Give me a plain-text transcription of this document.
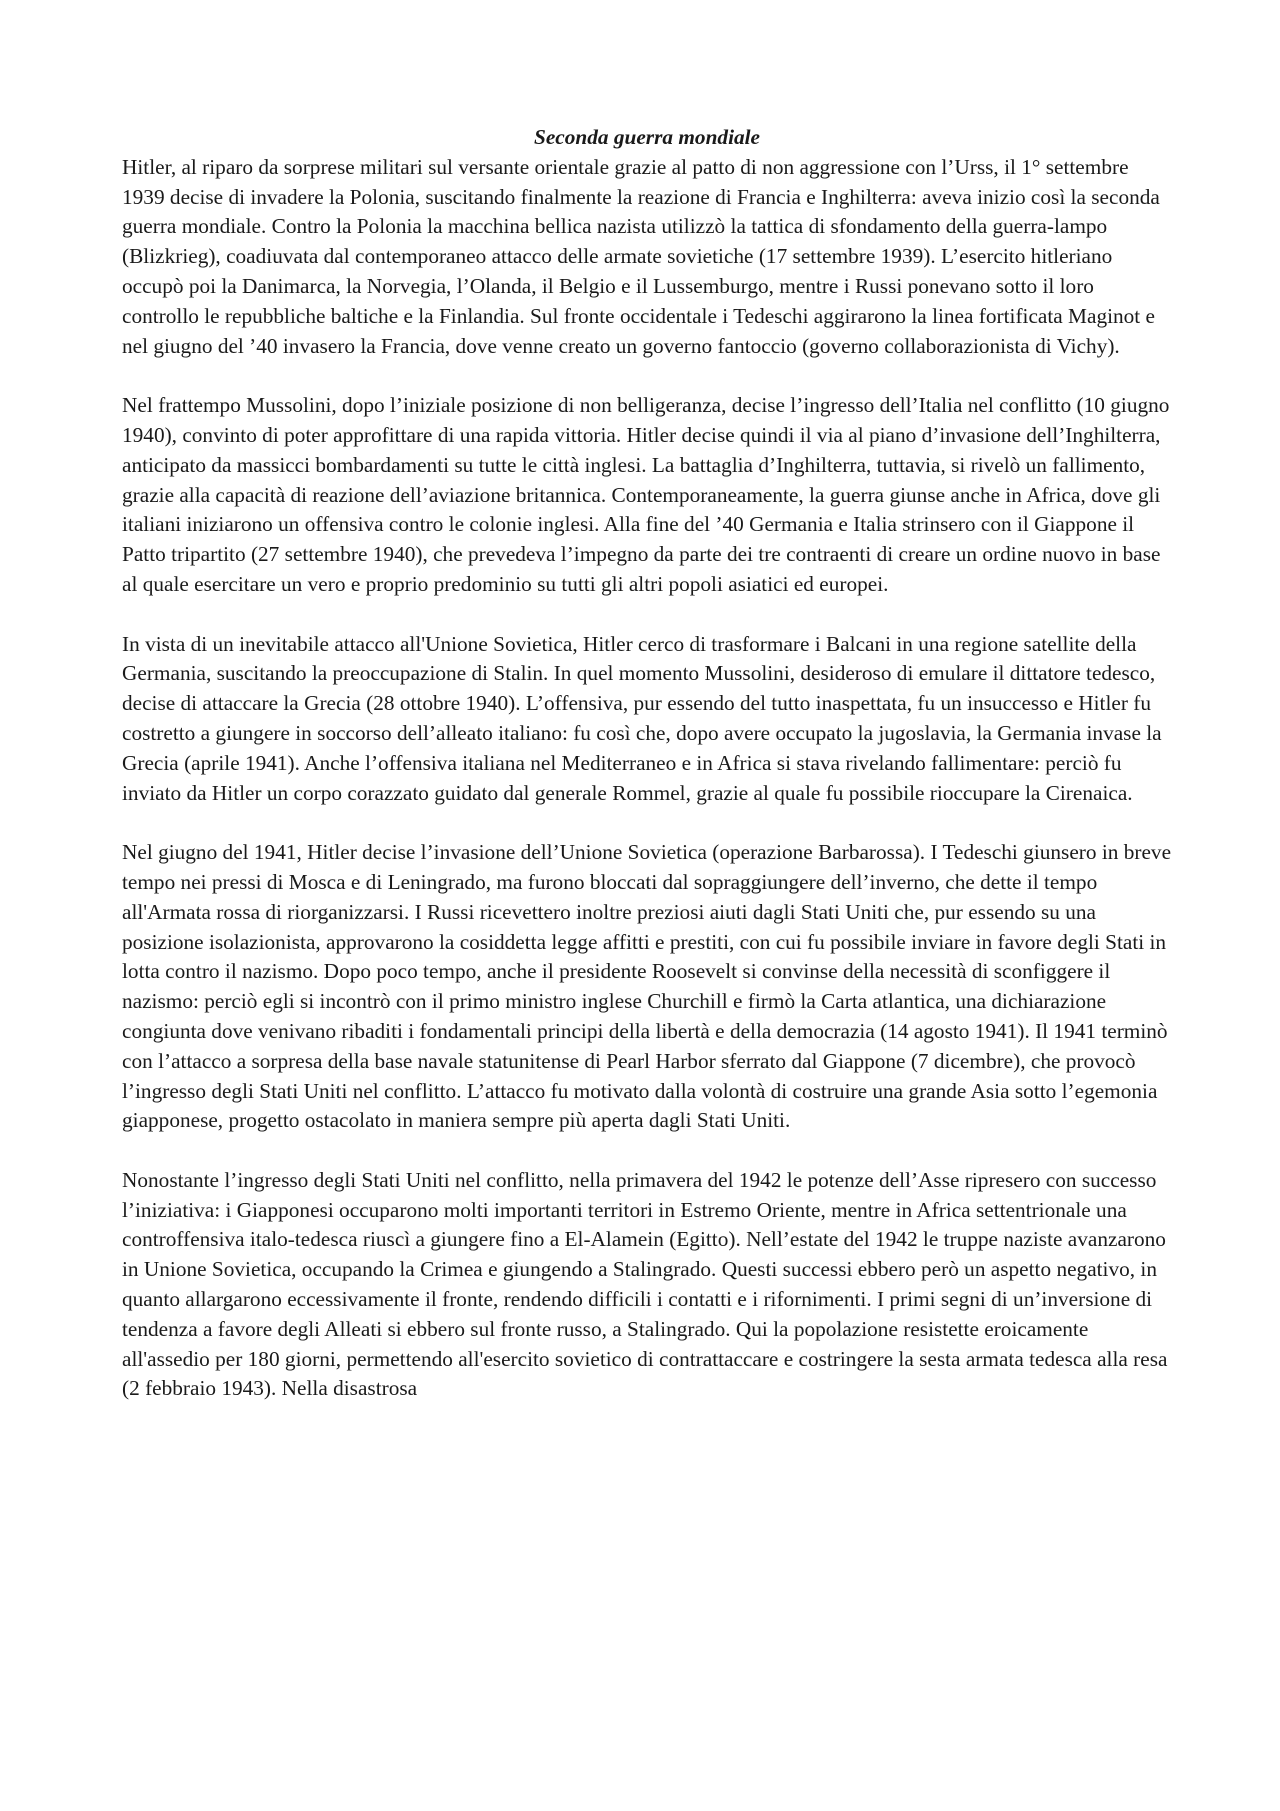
Seconda guerra mondiale

Hitler, al riparo da sorprese militari sul versante orientale grazie al patto di non aggressione con l’Urss, il 1° settembre 1939 decise di invadere la Polonia, suscitando finalmente la reazione di Francia e Inghilterra: aveva inizio così la seconda guerra mondiale. Contro la Polonia la macchina bellica nazista utilizzò la tattica di sfondamento della guerra-lampo (Blizkrieg), coadiuvata dal contemporaneo attacco delle armate sovietiche (17 settembre 1939). L’esercito hitleriano occupò poi la Danimarca, la Norvegia, l’Olanda, il Belgio e il Lussemburgo, mentre i Russi ponevano sotto il loro controllo le repubbliche baltiche e la Finlandia. Sul fronte occidentale i Tedeschi aggirarono la linea fortificata Maginot e nel giugno del ’40 invasero la Francia, dove venne creato un governo fantoccio (governo collaborazionista di Vichy).

Nel frattempo Mussolini, dopo l’iniziale posizione di non belligeranza, decise l’ingresso dell’Italia nel conflitto (10 giugno 1940), convinto di poter approfittare di una rapida vittoria. Hitler decise quindi il via al piano d’invasione dell’Inghilterra, anticipato da massicci bombardamenti su tutte le città inglesi. La battaglia d’Inghilterra, tuttavia, si rivelò un fallimento, grazie alla capacità di reazione dell’aviazione britannica. Contemporaneamente, la guerra giunse anche in Africa, dove gli italiani iniziarono un offensiva contro le colonie inglesi. Alla fine del ’40 Germania e Italia strinsero con il Giappone il Patto tripartito (27 settembre 1940), che prevedeva l’impegno da parte dei tre contraenti di creare un ordine nuovo in base al quale esercitare un vero e proprio predominio su tutti gli altri popoli asiatici ed europei.

In vista di un inevitabile attacco all'Unione Sovietica, Hitler cerco di trasformare i Balcani in una regione satellite della Germania, suscitando la preoccupazione di Stalin. In quel momento Mussolini, desideroso di emulare il dittatore tedesco, decise di attaccare la Grecia (28 ottobre 1940). L’offensiva, pur essendo del tutto inaspettata, fu un insuccesso e Hitler fu costretto a giungere in soccorso dell’alleato italiano: fu così che, dopo avere occupato la jugoslavia, la Germania invase la Grecia (aprile 1941). Anche l’offensiva italiana nel Mediterraneo e in Africa si stava rivelando fallimentare: perciò fu inviato da Hitler un corpo corazzato guidato dal generale Rommel, grazie al quale fu possibile rioccupare la Cirenaica.

Nel giugno del 1941, Hitler decise l’invasione dell’Unione Sovietica (operazione Barbarossa). I Tedeschi giunsero in breve tempo nei pressi di Mosca e di Leningrado, ma furono bloccati dal sopraggiungere dell’inverno, che dette il tempo all'Armata rossa di riorganizzarsi. I Russi ricevettero inoltre preziosi aiuti dagli Stati Uniti che, pur essendo su una posizione isolazionista, approvarono la cosiddetta legge affitti e prestiti, con cui fu possibile inviare in favore degli Stati in lotta contro il nazismo. Dopo poco tempo, anche il presidente Roosevelt si convinse della necessità di sconfiggere il nazismo: perciò egli si incontrò con il primo ministro inglese Churchill e firmò la Carta atlantica, una dichiarazione congiunta dove venivano ribaditi i fondamentali principi della libertà e della democrazia (14 agosto 1941). Il 1941 terminò con l’attacco a sorpresa della base navale statunitense di Pearl Harbor sferrato dal Giappone (7 dicembre), che provocò l’ingresso degli Stati Uniti nel conflitto. L’attacco fu motivato dalla volontà di costruire una grande Asia sotto l’egemonia giapponese, progetto ostacolato in maniera sempre più aperta dagli Stati Uniti.

Nonostante l’ingresso degli Stati Uniti nel conflitto, nella primavera del 1942 le potenze dell’Asse ripresero con successo l’iniziativa: i Giapponesi occuparono molti importanti territori in Estremo Oriente, mentre in Africa settentrionale una controffensiva italo-tedesca riuscì a giungere fino a El-Alamein (Egitto). Nell’estate del 1942 le truppe naziste avanzarono in Unione Sovietica, occupando la Crimea e giungendo a Stalingrado. Questi successi ebbero però un aspetto negativo, in quanto allargarono eccessivamente il fronte, rendendo difficili i contatti e i rifornimenti. I primi segni di un’inversione di tendenza a favore degli Alleati si ebbero sul fronte russo, a Stalingrado. Qui la popolazione resistette eroicamente all'assedio per 180 giorni, permettendo all'esercito sovietico di contrattaccare e costringere la sesta armata tedesca alla resa (2 febbraio 1943). Nella disastrosa
